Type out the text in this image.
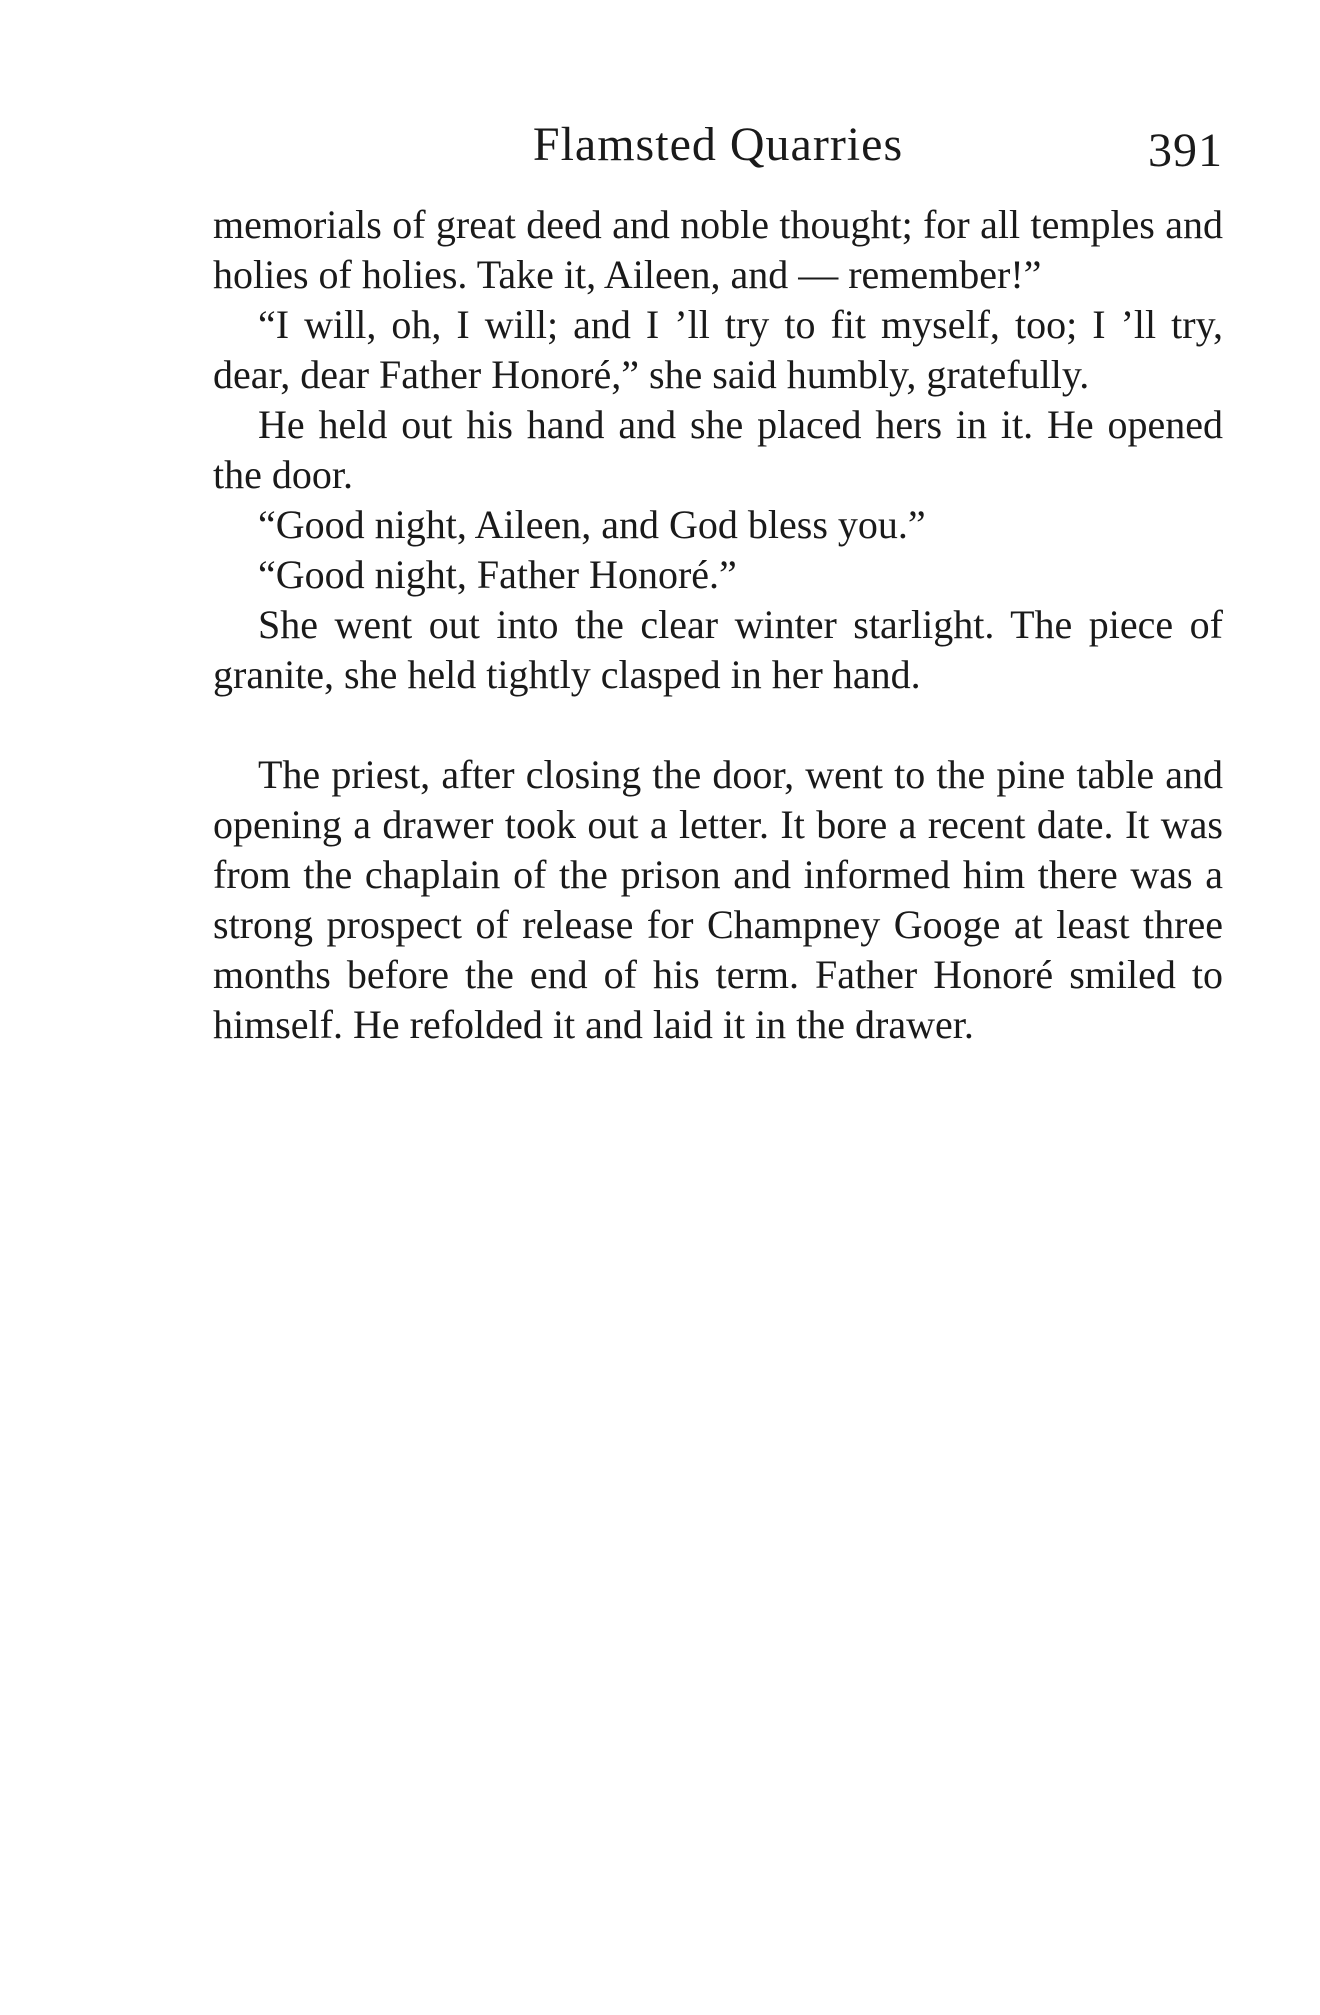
Flamsted Quarries	391

memorials of great deed and noble thought; for all temples and holies of holies. Take it, Aileen, and — remember!”

“I will, oh, I will; and I ’ll try to fit myself, too; I ’ll try, dear, dear Father Honoré,” she said humbly, gratefully.

He held out his hand and she placed hers in it. He opened the door.

“Good night, Aileen, and God bless you.”

“Good night, Father Honoré.”

She went out into the clear winter starlight. The piece of granite, she held tightly clasped in her hand.

The priest, after closing the door, went to the pine table and opening a drawer took out a letter. It bore a recent date. It was from the chaplain of the prison and informed him there was a strong prospect of release for Champney Googe at least three months before the end of his term. Father Honoré smiled to himself. He refolded it and laid it in the drawer.
